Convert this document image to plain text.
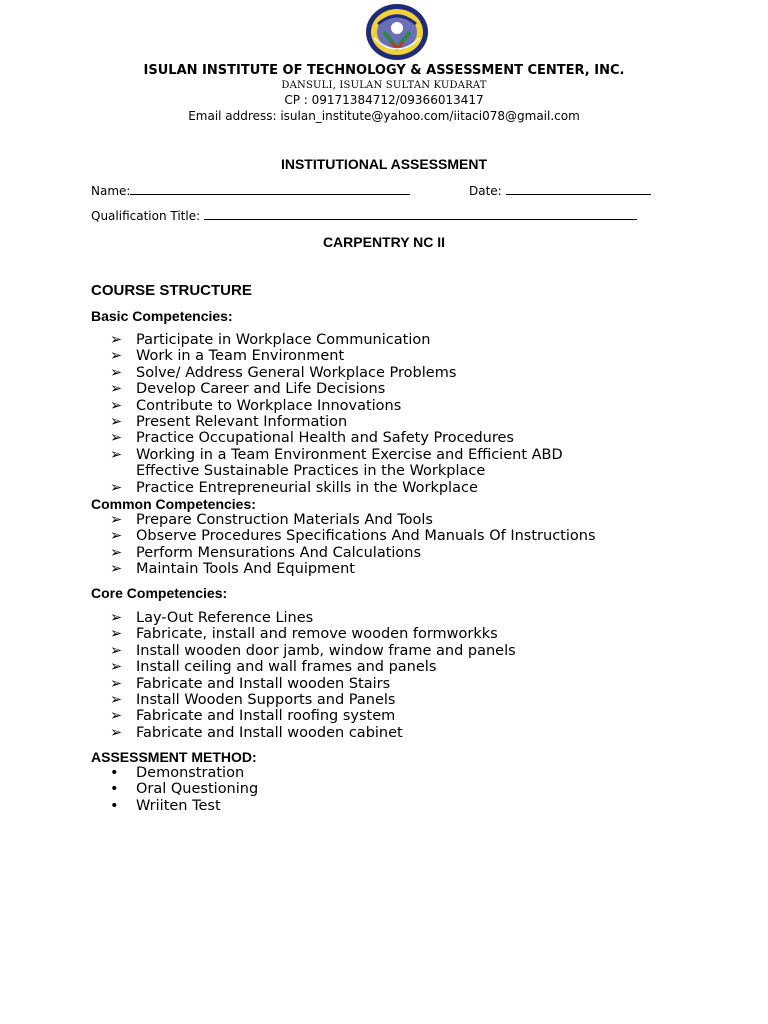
ISULAN INSTITUTE OF TECHNOLOGY & ASSESSMENT CENTER, INC.
DANSULI, ISULAN SULTAN KUDARAT
CP : 09171384712/09366013417
Email address: isulan_institute@yahoo.com/iitaci078@gmail.com
INSTITUTIONAL ASSESSMENT
Name:	Date:
Qualification Title:
CARPENTRY NC II
COURSE STRUCTURE
Basic Competencies:
➢ Participate in Workplace Communication
➢ Work in a Team Environment
➢ Solve/ Address General Workplace Problems
➢ Develop Career and Life Decisions
➢ Contribute to Workplace Innovations
➢ Present Relevant Information
➢ Practice Occupational Health and Safety Procedures
➢ Working in a Team Environment Exercise and Efficient ABD
Effective Sustainable Practices in the Workplace
➢ Practice Entrepreneurial skills in the Workplace
Common Competencies:
➢ Prepare Construction Materials And Tools
➢ Observe Procedures Specifications And Manuals Of Instructions
➢ Perform Mensurations And Calculations
➢ Maintain Tools And Equipment
Core Competencies:
➢ Lay-Out Reference Lines
➢ Fabricate, install and remove wooden formworkks
➢ Install wooden door jamb, window frame and panels
➢ Install ceiling and wall frames and panels
➢ Fabricate and Install wooden Stairs
➢ Install Wooden Supports and Panels
➢ Fabricate and Install roofing system
➢ Fabricate and Install wooden cabinet
ASSESSMENT METHOD:
•	Demonstration
•	Oral Questioning
•	Wriiten Test
